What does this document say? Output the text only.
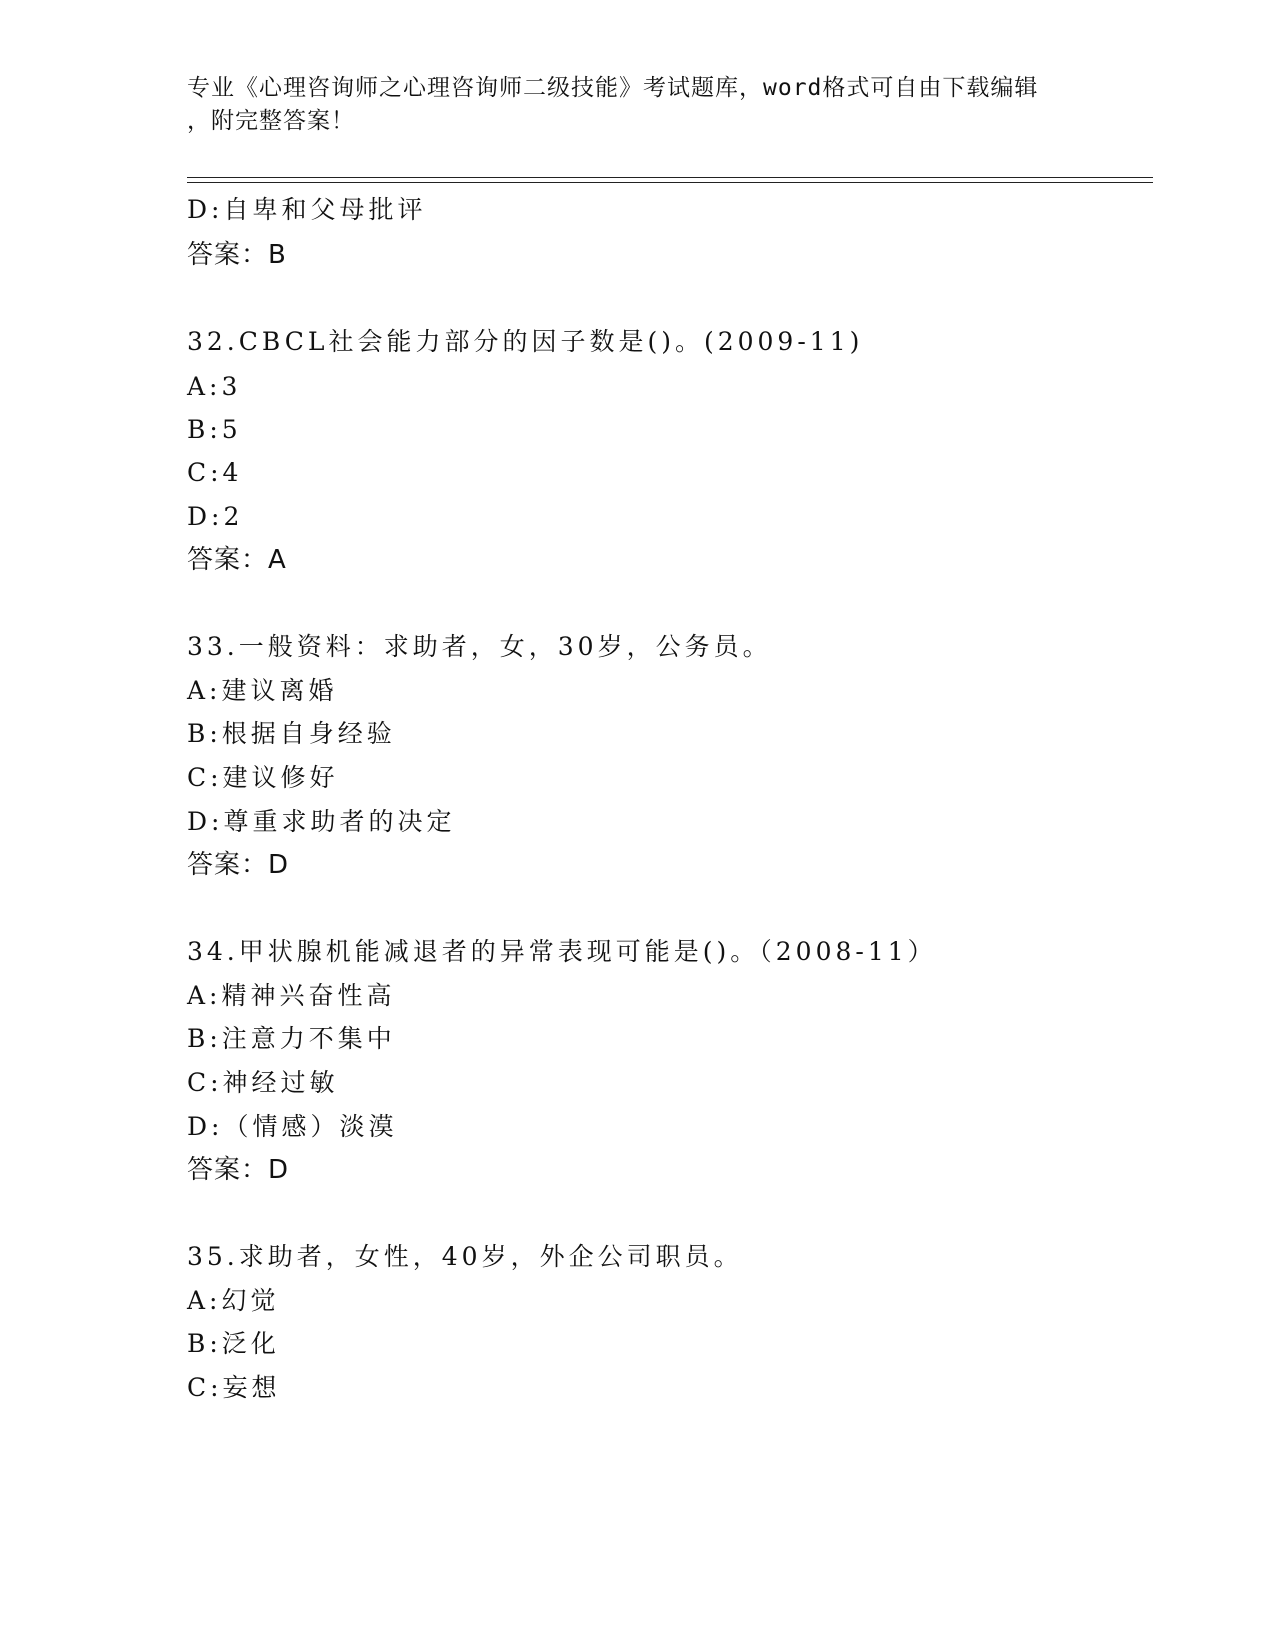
专业《心理咨询师之心理咨询师二级技能》考试题库，word格式可自由下载编辑
，附完整答案！
D:自卑和父母批评
答案：B
32.CBCL社会能力部分的因子数是()。(2009-11)
A:3
B:5
C:4
D:2
答案：A
33.一般资料：求助者，女，30岁，公务员。
A:建议离婚
B:根据自身经验
C:建议修好
D:尊重求助者的决定
答案：D
34.甲状腺机能减退者的异常表现可能是()。（2008-11）
A:精神兴奋性高
B:注意力不集中
C:神经过敏
D:（情感）淡漠
答案：D
35.求助者，女性，40岁，外企公司职员。
A:幻觉
B:泛化
C:妄想
